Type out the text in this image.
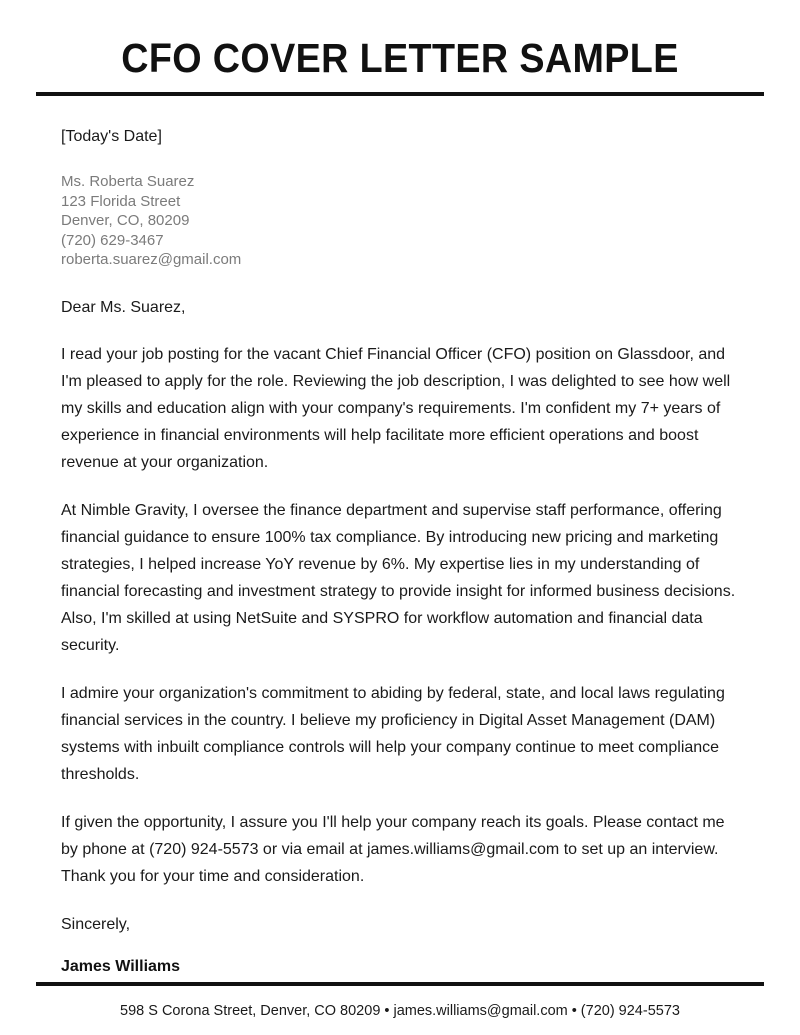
CFO COVER LETTER SAMPLE

[Today's Date]

Ms. Roberta Suarez
123 Florida Street
Denver, CO, 80209
(720) 629-3467
roberta.suarez@gmail.com

Dear Ms. Suarez,

I read your job posting for the vacant Chief Financial Officer (CFO) position on Glassdoor, and I'm pleased to apply for the role. Reviewing the job description, I was delighted to see how well my skills and education align with your company's requirements. I'm confident my 7+ years of experience in financial environments will help facilitate more efficient operations and boost revenue at your organization.

At Nimble Gravity, I oversee the finance department and supervise staff performance, offering financial guidance to ensure 100% tax compliance. By introducing new pricing and marketing strategies, I helped increase YoY revenue by 6%. My expertise lies in my understanding of financial forecasting and investment strategy to provide insight for informed business decisions. Also, I'm skilled at using NetSuite and SYSPRO for workflow automation and financial data security.

I admire your organization's commitment to abiding by federal, state, and local laws regulating financial services in the country. I believe my proficiency in Digital Asset Management (DAM) systems with inbuilt compliance controls will help your company continue to meet compliance thresholds.

If given the opportunity, I assure you I'll help your company reach its goals. Please contact me by phone at (720) 924-5573 or via email at james.williams@gmail.com to set up an interview. Thank you for your time and consideration.

Sincerely,

James Williams

598 S Corona Street, Denver, CO 80209 • james.williams@gmail.com • (720) 924-5573
